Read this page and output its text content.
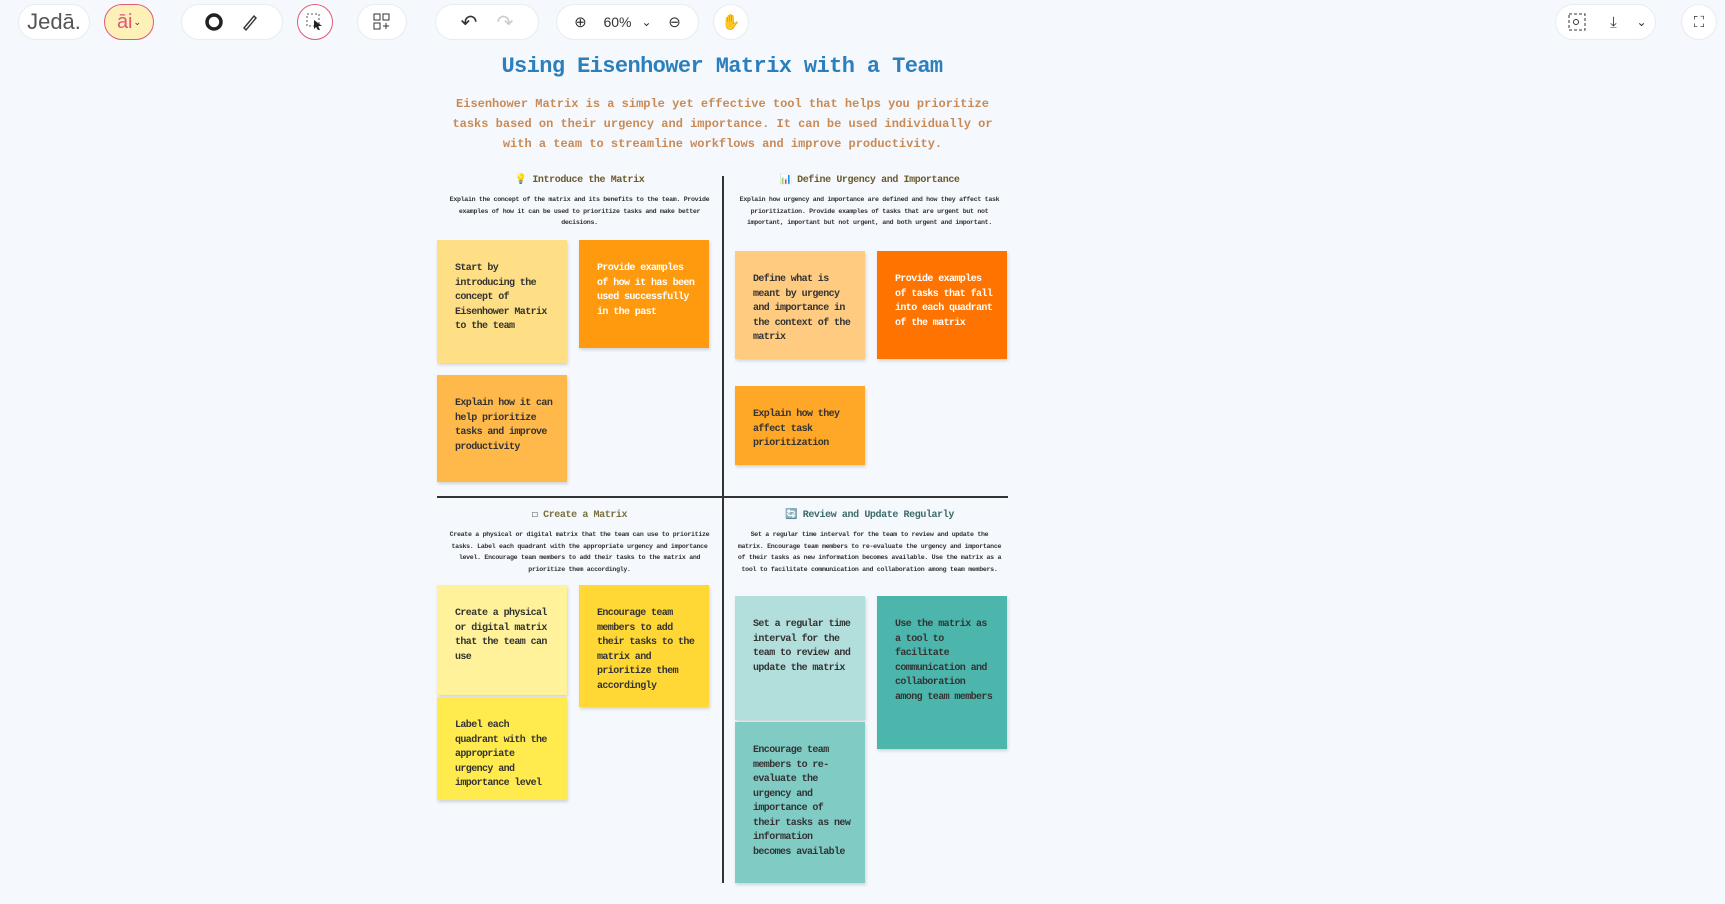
Jedā. āi ⌄	↶ ↷	⊕	60% ⌄	⊖	✋	⤓	⌄	⛶
Using Eisenhower Matrix with a Team
Eisenhower Matrix is a simple yet effective tool that helps you prioritize tasks based on their urgency and importance. It can be used individually or with a team to streamline workflows and improve productivity.
💡 Introduce the Matrix
Explain the concept of the matrix and its benefits to the team. Provide examples of how it can be used to prioritize tasks and make better decisions.
Start by introducing the concept of Eisenhower Matrix to the team
Provide examples of how it has been used successfully in the past
Explain how it can help prioritize tasks and improve productivity
📊 Define Urgency and Importance
Explain how urgency and importance are defined and how they affect task prioritization. Provide examples of tasks that are urgent but not important, important but not urgent, and both urgent and important.
Define what is meant by urgency and importance in the context of the matrix
Provide examples of tasks that fall into each quadrant of the matrix
Explain how they affect task prioritization
☐ Create a Matrix
Create a physical or digital matrix that the team can use to prioritize tasks. Label each quadrant with the appropriate urgency and importance level. Encourage team members to add their tasks to the matrix and prioritize them accordingly.
Create a physical or digital matrix that the team can use
Encourage team members to add their tasks to the matrix and prioritize them accordingly
Label each quadrant with the appropriate urgency and importance level
🔄 Review and Update Regularly
Set a regular time interval for the team to review and update the matrix. Encourage team members to re-evaluate the urgency and importance of their tasks as new information becomes available. Use the matrix as a tool to facilitate communication and collaboration among team members.
Set a regular time interval for the team to review and update the matrix
Use the matrix as a tool to facilitate communication and collaboration among team members
Encourage team members to re-evaluate the urgency and importance of their tasks as new information becomes available
